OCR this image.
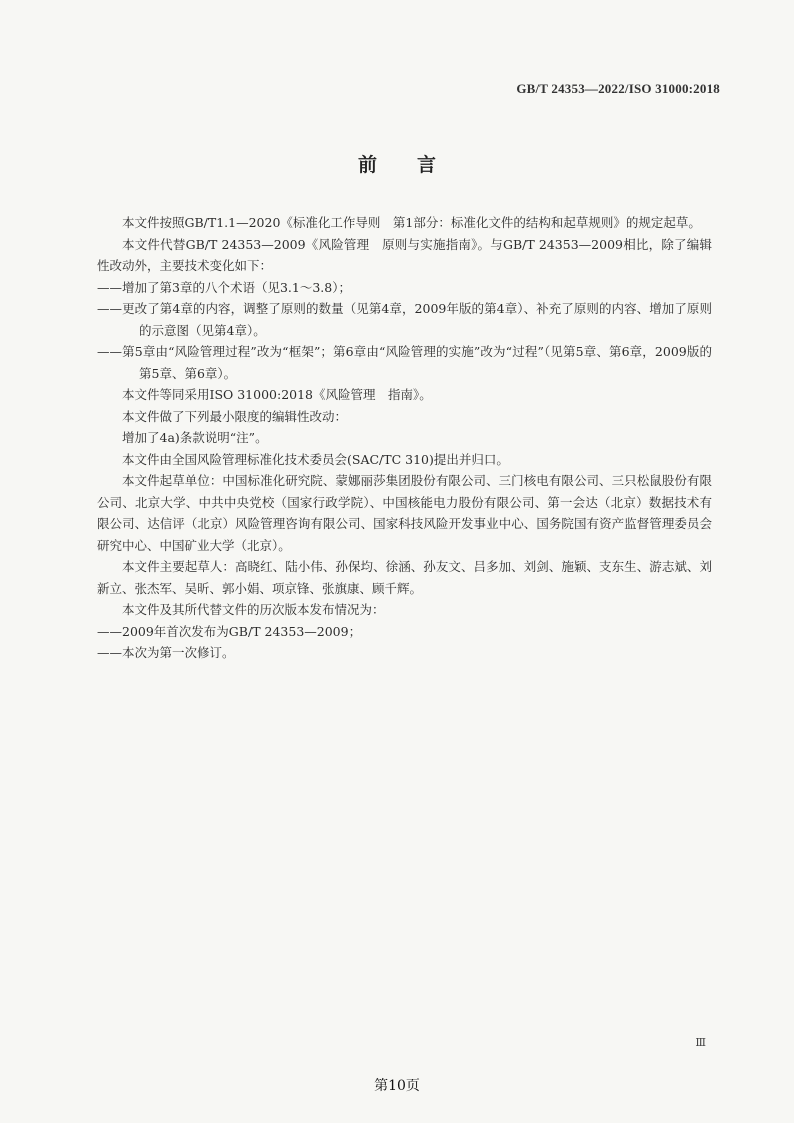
GB/T 24353—2022/ISO 31000:2018
前言

本文件按照GB/T1.1—2020《标准化工作导则　第1部分：标准化文件的结构和起草规则》的规定起草。

本文件代替GB/T 24353—2009《风险管理　原则与实施指南》。与GB/T 24353—2009相比，除了编辑性改动外，主要技术变化如下：

——增加了第3章的八个术语（见3.1～3.8）；

——更改了第4章的内容，调整了原则的数量（见第4章，2009年版的第4章）、补充了原则的内容、增加了原则的示意图（见第4章）。

——第5章由“风险管理过程”改为“框架”；第6章由“风险管理的实施”改为“过程”（见第5章、第6章，2009版的第5章、第6章）。

本文件等同采用ISO 31000:2018《风险管理　指南》。

本文件做了下列最小限度的编辑性改动：

增加了4a)条款说明“注”。

本文件由全国风险管理标准化技术委员会(SAC/TC 310)提出并归口。

本文件起草单位：中国标准化研究院、蒙娜丽莎集团股份有限公司、三门核电有限公司、三只松鼠股份有限公司、北京大学、中共中央党校（国家行政学院）、中国核能电力股份有限公司、第一会达（北京）数据技术有限公司、达信评（北京）风险管理咨询有限公司、国家科技风险开发事业中心、国务院国有资产监督管理委员会研究中心、中国矿业大学（北京）。

本文件主要起草人：高晓红、陆小伟、孙保均、徐涵、孙友文、吕多加、刘剑、施颖、支东生、游志斌、刘新立、张杰军、吴昕、郭小娟、项京锋、张旗康、顾千辉。

本文件及其所代替文件的历次版本发布情况为：

——2009年首次发布为GB/T 24353—2009；

——本次为第一次修订。

Ⅲ
第10页
